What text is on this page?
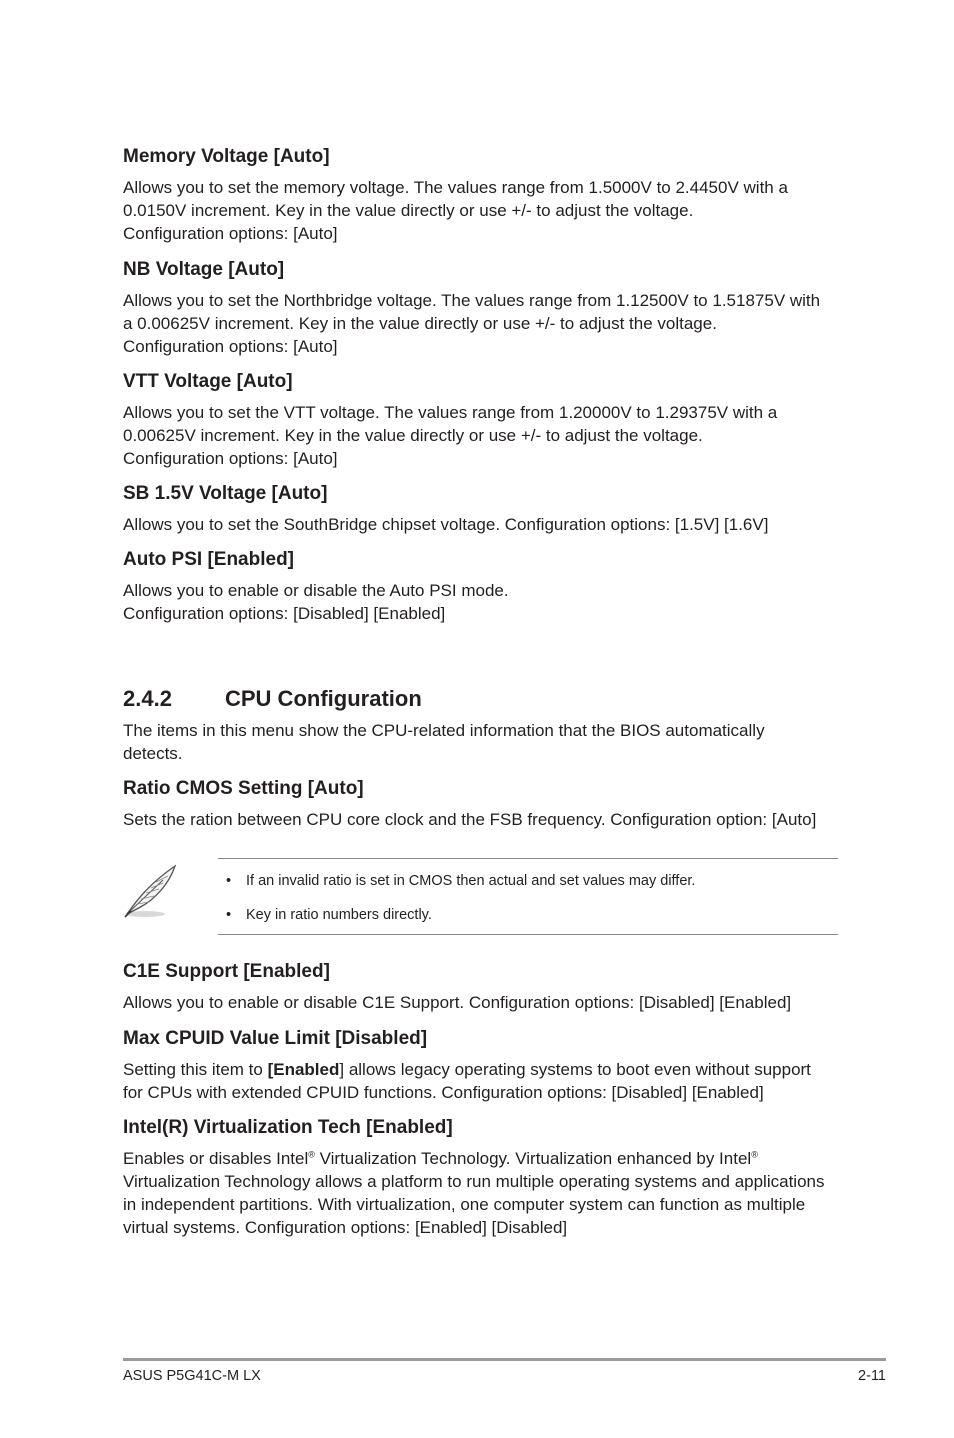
Memory Voltage [Auto]
Allows you to set the memory voltage. The values range from 1.5000V to 2.4450V with a
0.0150V increment. Key in the value directly or use +/- to adjust the voltage.
Configuration options: [Auto]
NB Voltage [Auto]
Allows you to set the Northbridge voltage. The values range from 1.12500V to 1.51875V with
a 0.00625V increment. Key in the value directly or use +/- to adjust the voltage.
Configuration options: [Auto]
VTT Voltage [Auto]
Allows you to set the VTT voltage. The values range from 1.20000V to 1.29375V with a
0.00625V increment. Key in the value directly or use +/- to adjust the voltage.
Configuration options: [Auto]
SB 1.5V Voltage [Auto]
Allows you to set the SouthBridge chipset voltage. Configuration options: [1.5V] [1.6V]
Auto PSI [Enabled]
Allows you to enable or disable the Auto PSI mode.
Configuration options: [Disabled] [Enabled]
2.4.2 CPU Configuration
The items in this menu show the CPU-related information that the BIOS automatically
detects.
Ratio CMOS Setting [Auto]
Sets the ration between CPU core clock and the FSB frequency. Configuration option: [Auto]
• If an invalid ratio is set in CMOS then actual and set values may differ.
• Key in ratio numbers directly.
C1E Support [Enabled]
Allows you to enable or disable C1E Support. Configuration options: [Disabled] [Enabled]
Max CPUID Value Limit [Disabled]
Setting this item to [Enabled] allows legacy operating systems to boot even without support
for CPUs with extended CPUID functions. Configuration options: [Disabled] [Enabled]
Intel(R) Virtualization Tech [Enabled]
Enables or disables Intel® Virtualization Technology. Virtualization enhanced by Intel®
Virtualization Technology allows a platform to run multiple operating systems and applications
in independent partitions. With virtualization, one computer system can function as multiple
virtual systems. Configuration options: [Enabled] [Disabled]
ASUS P5G41C-M LX	2-11
